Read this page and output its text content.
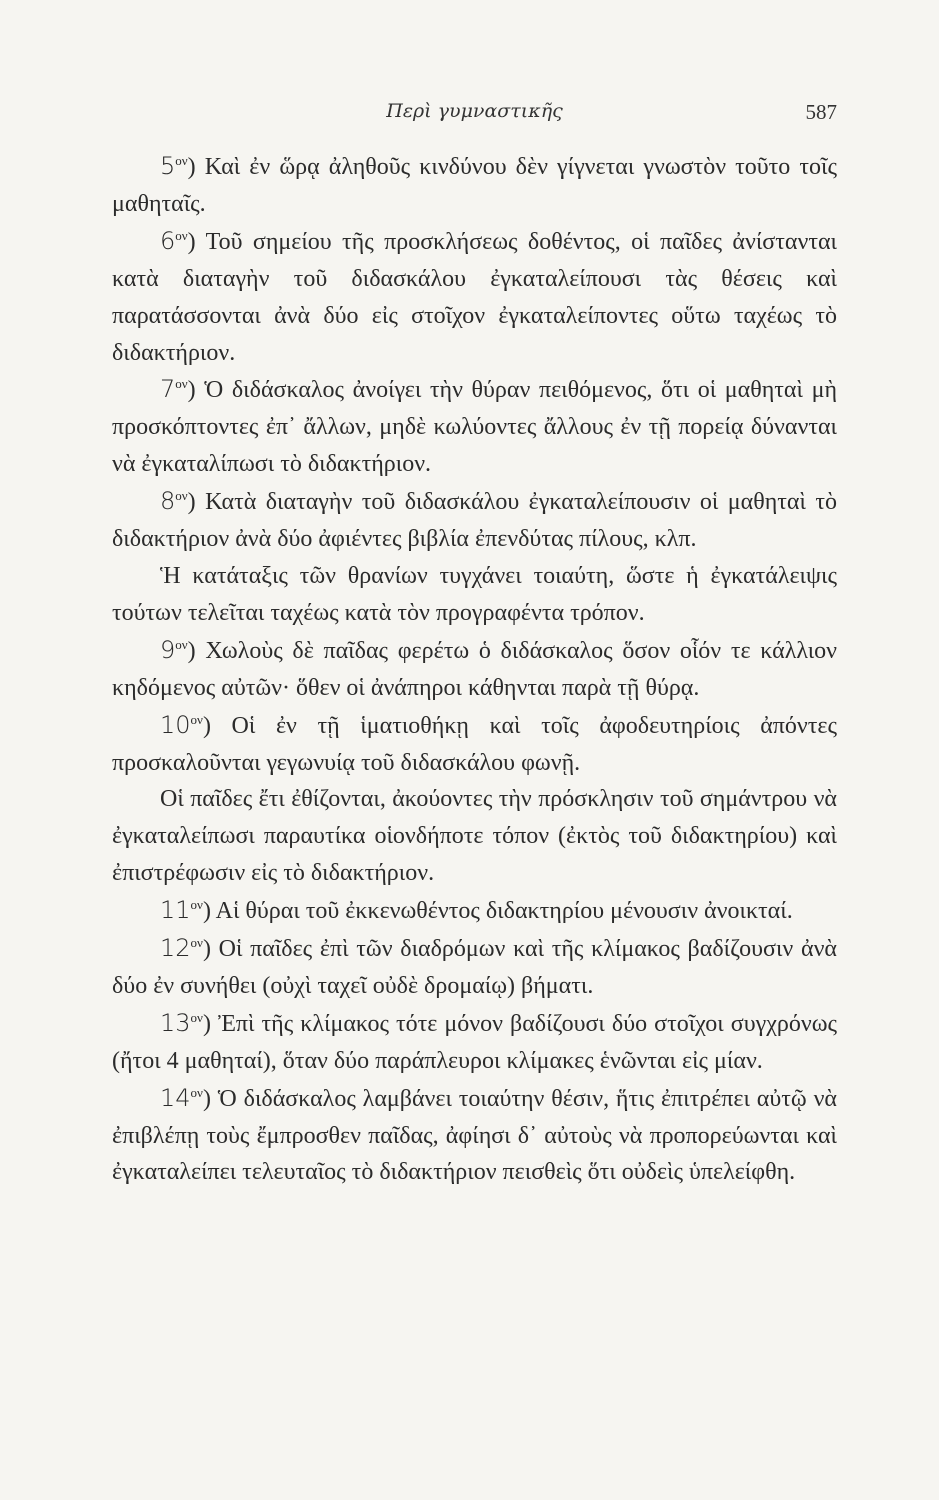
Περὶ γυμναστικῆς	587

$5^{o\nu}$) Καὶ ἐν ὥρᾳ ἀληθοῦς κινδύνου δὲν γίγνεται γνωστὸν τοῦτο τοῖς μαθηταῖς.

$6^{o\nu}$) Τοῦ σημείου τῆς προσκλήσεως δοθέντος, οἱ παῖδες ἀνίστανται κατὰ διαταγὴν τοῦ διδασκάλου ἐγκαταλείπουσι τὰς θέσεις καὶ παρατάσσονται ἀνὰ δύο εἰς στοῖχον ἐγκαταλείποντες οὕτω ταχέως τὸ διδακτήριον.

$7^{o\nu}$) Ὁ διδάσκαλος ἀνοίγει τὴν θύραν πειθόμενος, ὅτι οἱ μαθηταὶ μὴ προσκόπτοντες ἐπ᾽ ἄλλων, μηδὲ κωλύοντες ἄλλους ἐν τῇ πορείᾳ δύνανται νὰ ἐγκαταλίπωσι τὸ διδακτήριον.

$8^{o\nu}$) Κατὰ διαταγὴν τοῦ διδασκάλου ἐγκαταλείπουσιν οἱ μαθηταὶ τὸ διδακτήριον ἀνὰ δύο ἀφιέντες βιβλία ἐπενδύτας πίλους, κλπ.

Ἡ κατάταξις τῶν θρανίων τυγχάνει τοιαύτη, ὥστε ἡ ἐγκατάλειψις τούτων τελεῖται ταχέως κατὰ τὸν προγραφέντα τρόπον.

$9^{o\nu}$) Χωλοὺς δὲ παῖδας φερέτω ὁ διδάσκαλος ὅσον οἷόν τε κάλλιον κηδόμενος αὐτῶν· ὅθεν οἱ ἀνάπηροι κάθηνται παρὰ τῇ θύρᾳ.

$10^{o\nu}$) Οἱ ἐν τῇ ἱματιοθήκῃ καὶ τοῖς ἀφοδευτηρίοις ἀπόντες προσκαλοῦνται γεγωνυίᾳ τοῦ διδασκάλου φωνῇ.

Οἱ παῖδες ἔτι ἐθίζονται, ἀκούοντες τὴν πρόσκλησιν τοῦ σημάντρου νὰ ἐγκαταλείπωσι παραυτίκα οἱονδήποτε τόπον (ἐκτὸς τοῦ διδακτηρίου) καὶ ἐπιστρέφωσιν εἰς τὸ διδακτήριον.

$11^{o\nu}$) Αἱ θύραι τοῦ ἐκκενωθέντος διδακτηρίου μένουσιν ἀνοικταί.

$12^{o\nu}$) Οἱ παῖδες ἐπὶ τῶν διαδρόμων καὶ τῆς κλίμακος βαδίζουσιν ἀνὰ δύο ἐν συνήθει (οὐχὶ ταχεῖ οὐδὲ δρομαίῳ) βήματι.

$13^{o\nu}$) Ἐπὶ τῆς κλίμακος τότε μόνον βαδίζουσι δύο στοῖχοι συγχρόνως (ἤτοι 4 μαθηταί), ὅταν δύο παράπλευροι κλίμακες ἑνῶνται εἰς μίαν.

$14^{o\nu}$) Ὁ διδάσκαλος λαμβάνει τοιαύτην θέσιν, ἥτις ἐπιτρέπει αὐτῷ νὰ ἐπιβλέπῃ τοὺς ἔμπροσθεν παῖδας, ἀφίησι δ᾽ αὐτοὺς νὰ προπορεύωνται καὶ ἐγκαταλείπει τελευταῖος τὸ διδακτήριον πεισθεὶς ὅτι οὐδεὶς ὑπελείφθη.
